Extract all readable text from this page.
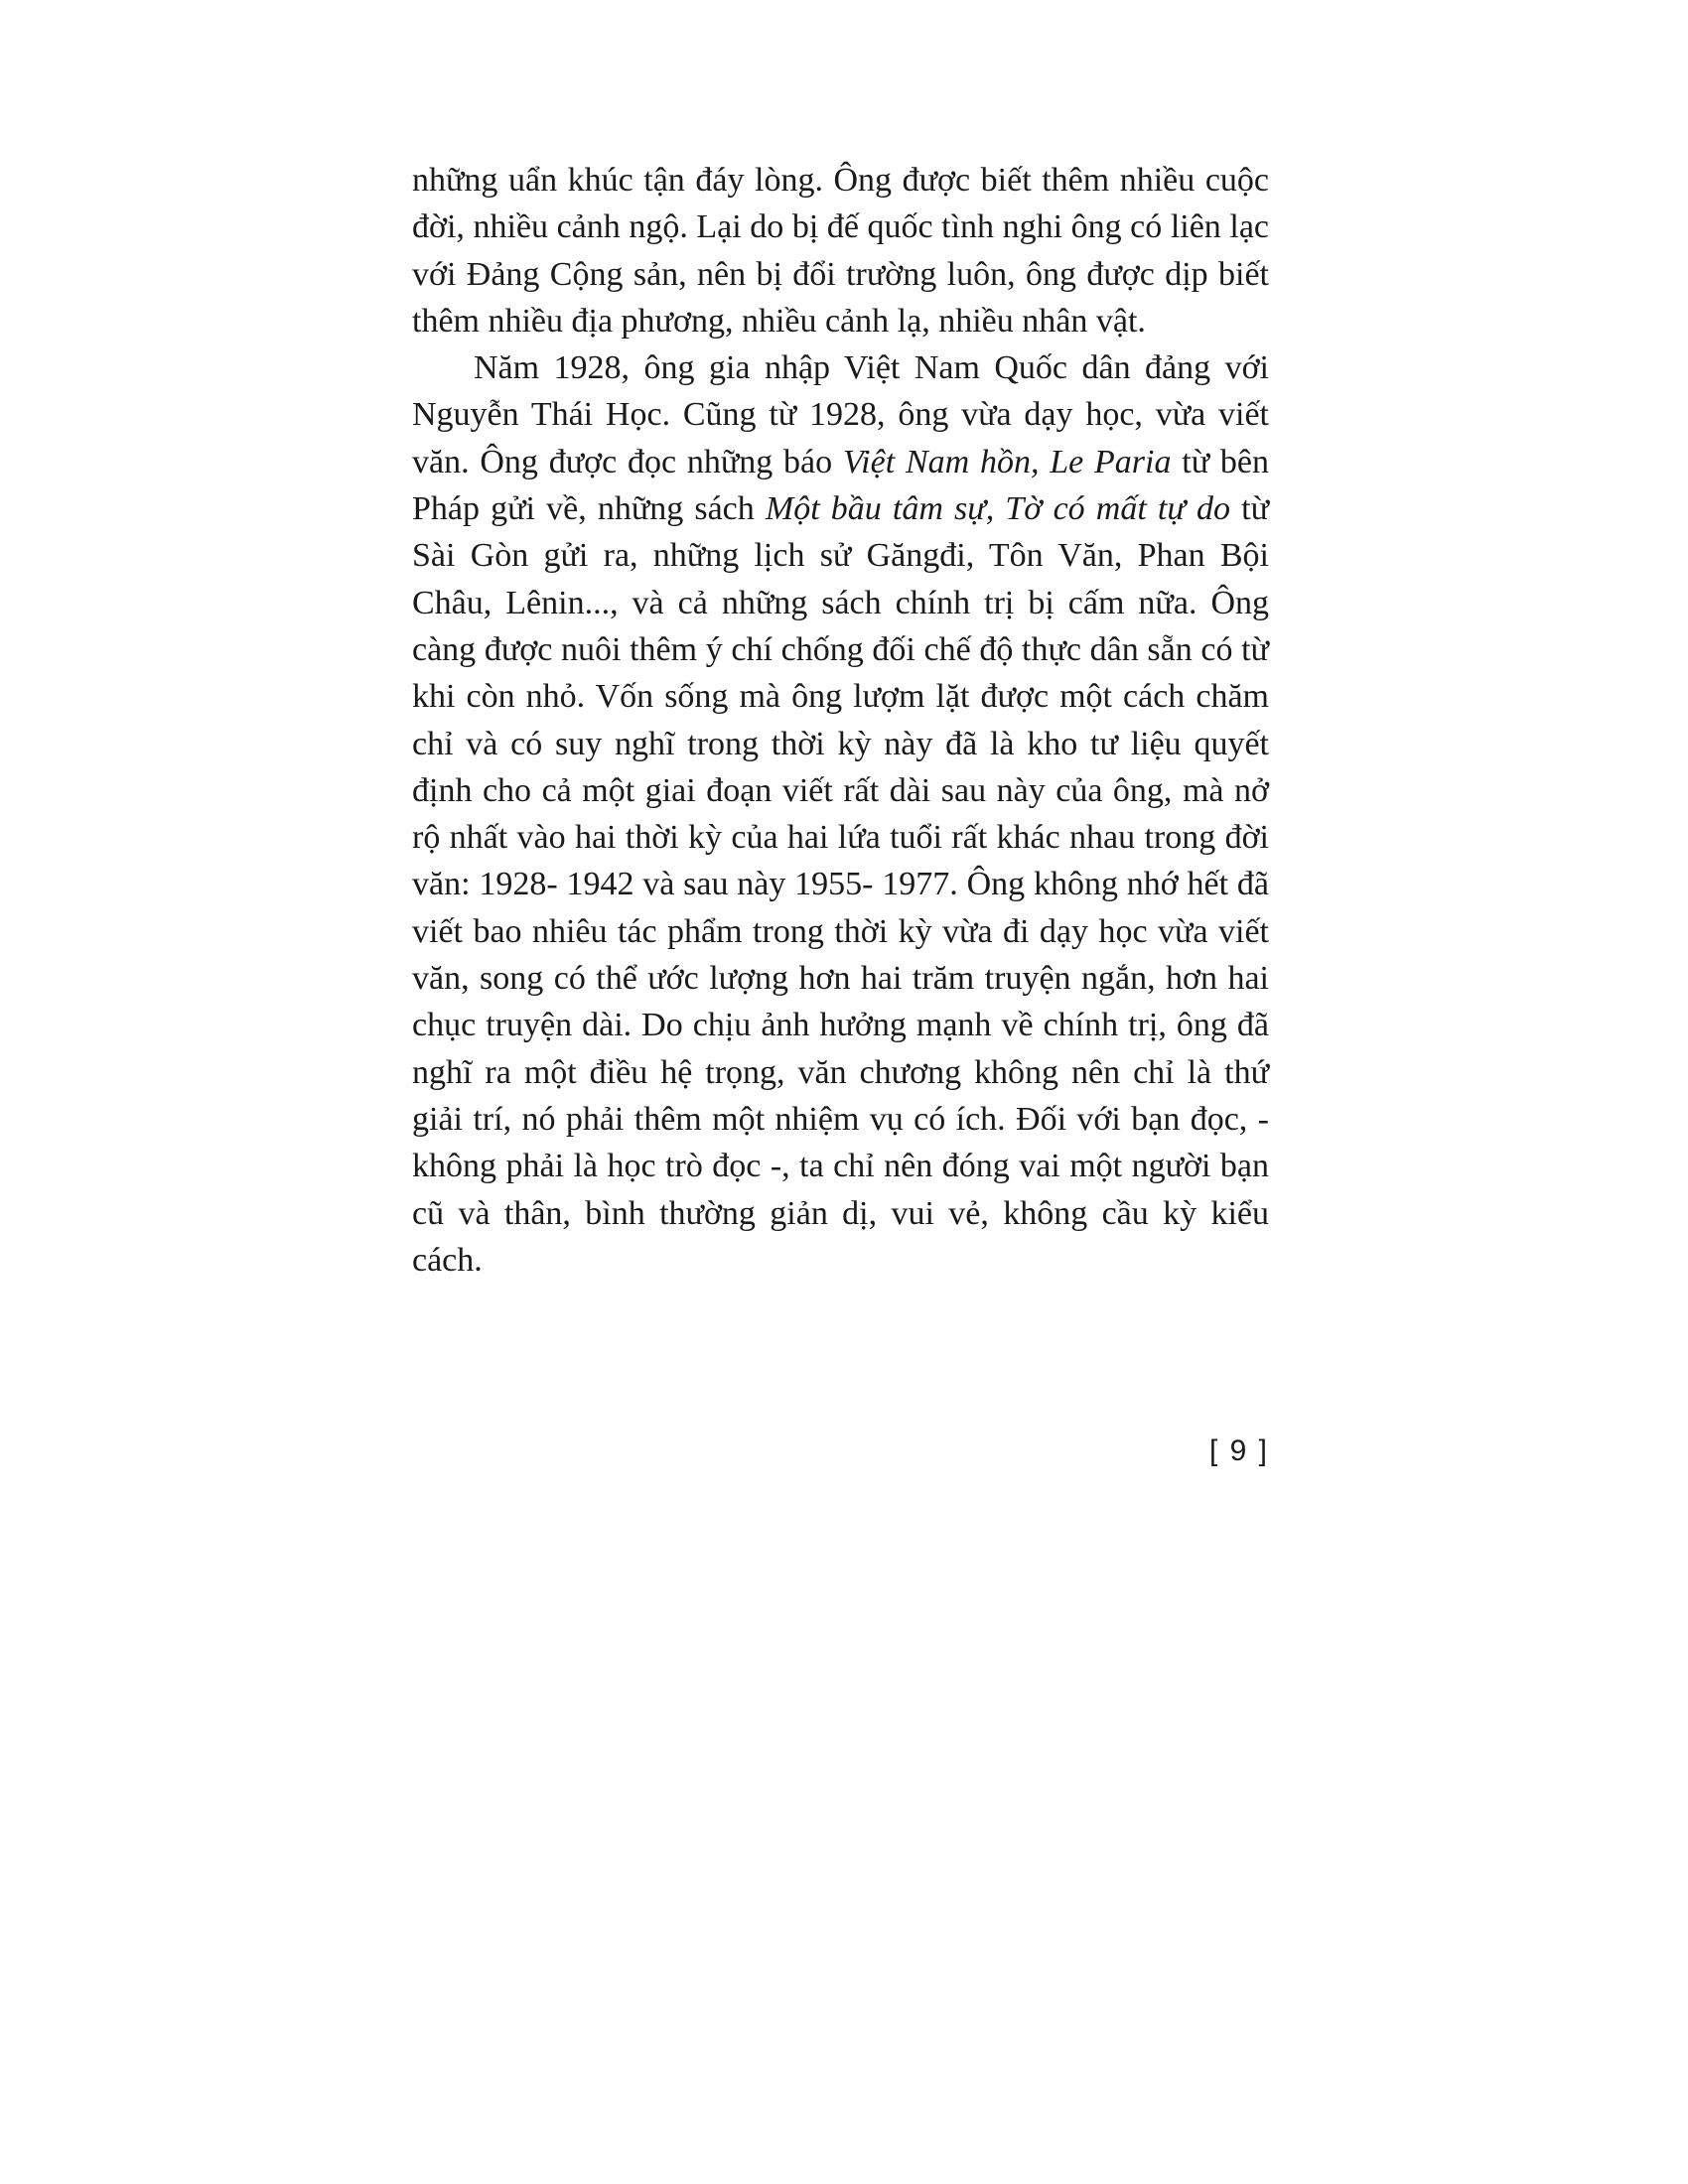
những uẩn khúc tận đáy lòng. Ông được biết thêm nhiều cuộc đời, nhiều cảnh ngộ. Lại do bị đế quốc tình nghi ông có liên lạc với Đảng Cộng sản, nên bị đổi trường luôn, ông được dịp biết thêm nhiều địa phương, nhiều cảnh lạ, nhiều nhân vật.

Năm 1928, ông gia nhập Việt Nam Quốc dân đảng với Nguyễn Thái Học. Cũng từ 1928, ông vừa dạy học, vừa viết văn. Ông được đọc những báo Việt Nam hồn, Le Paria từ bên Pháp gửi về, những sách Một bầu tâm sự, Tờ có mất tự do từ Sài Gòn gửi ra, những lịch sử Găngđi, Tôn Văn, Phan Bội Châu, Lênin..., và cả những sách chính trị bị cấm nữa. Ông càng được nuôi thêm ý chí chống đối chế độ thực dân sẵn có từ khi còn nhỏ. Vốn sống mà ông lượm lặt được một cách chăm chỉ và có suy nghĩ trong thời kỳ này đã là kho tư liệu quyết định cho cả một giai đoạn viết rất dài sau này của ông, mà nở rộ nhất vào hai thời kỳ của hai lứa tuổi rất khác nhau trong đời văn: 1928- 1942 và sau này 1955- 1977. Ông không nhớ hết đã viết bao nhiêu tác phẩm trong thời kỳ vừa đi dạy học vừa viết văn, song có thể ước lượng hơn hai trăm truyện ngắn, hơn hai chục truyện dài. Do chịu ảnh hưởng mạnh về chính trị, ông đã nghĩ ra một điều hệ trọng, văn chương không nên chỉ là thứ giải trí, nó phải thêm một nhiệm vụ có ích. Đối với bạn đọc, - không phải là học trò đọc -, ta chỉ nên đóng vai một người bạn cũ và thân, bình thường giản dị, vui vẻ, không cầu kỳ kiểu cách.

[ 9 ]
